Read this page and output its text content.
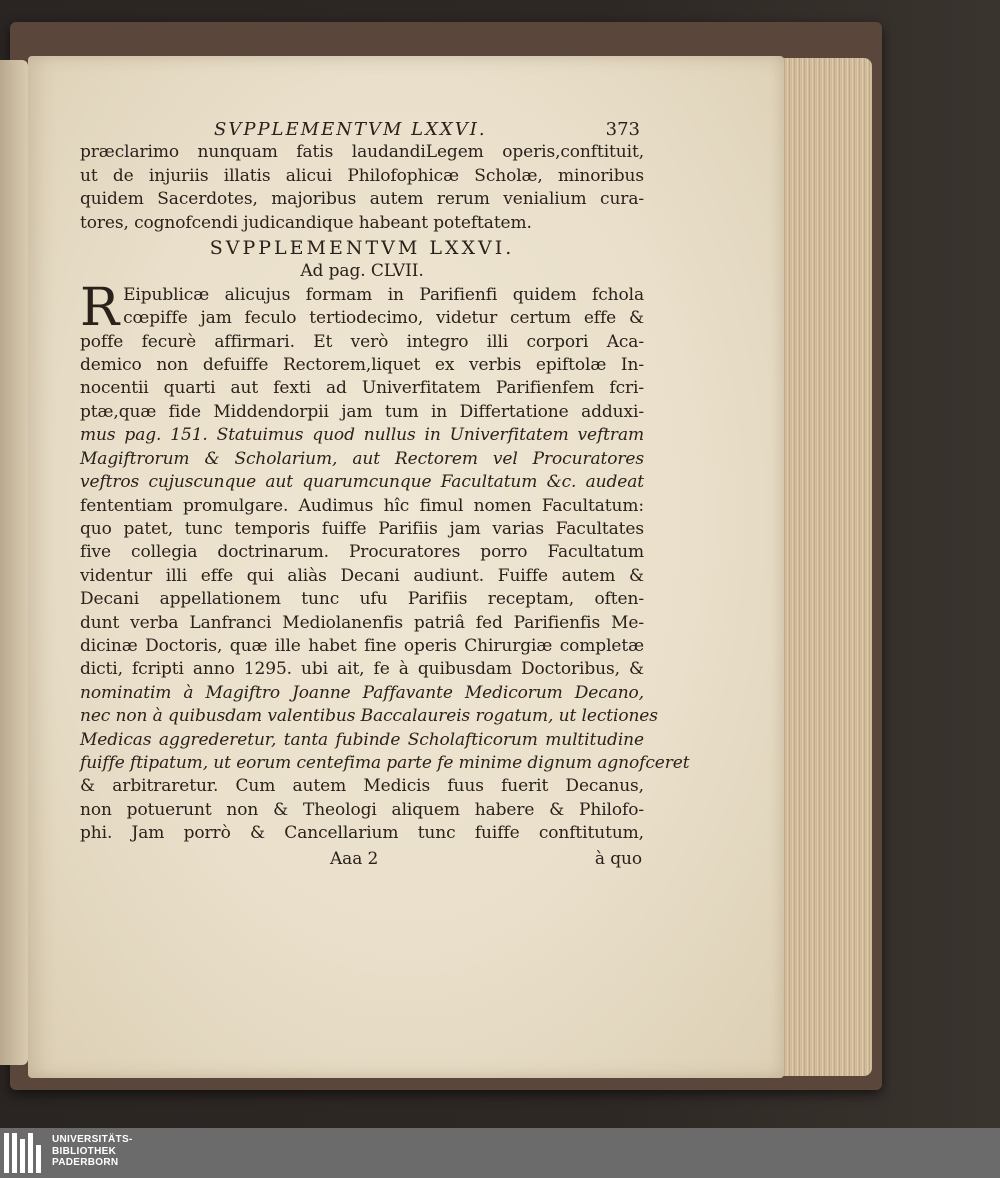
SVPPLEMENTVM LXXVI.	373
præclarimo nunquam fatis laudandiLegem operis,conftituit,
ut de injuriis illatis alicui Philofophicæ Scholæ, minoribus
quidem Sacerdotes, majoribus autem rerum venialium cura-
tores, cognofcendi judicandique habeant poteftatem.
SVPPLEMENTVM LXXVI.
Ad pag. CLVII.
R Eipublicæ alicujus formam in Parifienfi quidem fchola
cœpiffe jam feculo tertiodecimo, videtur certum effe &
poffe fecurè affirmari. Et verò integro illi corpori Aca-
demico non defuiffe Rectorem,liquet ex verbis epiftolæ In-
nocentii quarti aut fexti ad Univerfitatem Parifienfem fcri-
ptæ,quæ fide Middendorpii jam tum in Differtatione adduxi-
mus pag. 151. Statuimus quod nullus in Univerfitatem veftram
Magiftrorum & Scholarium, aut Rectorem vel Procuratores
veftros cujuscunque aut quarumcunque Facultatum &c. audeat
fententiam promulgare. Audimus hîc fimul nomen Facultatum:
quo patet, tunc temporis fuiffe Parifiis jam varias Facultates
five collegia doctrinarum. Procuratores porro Facultatum
videntur illi effe qui aliàs Decani audiunt. Fuiffe autem &
Decani appellationem tunc ufu Parifiis receptam, often-
dunt verba Lanfranci Mediolanenfis patriâ fed Parifienfis Me-
dicinæ Doctoris, quæ ille habet fine operis Chirurgiæ completæ
dicti, fcripti anno 1295. ubi ait, fe à quibusdam Doctoribus, &
nominatim à Magiftro Joanne Paffavante Medicorum Decano,
nec non à quibusdam valentibus Baccalaureis rogatum, ut lectiones
Medicas aggrederetur, tanta fubinde Scholafticorum multitudine
fuiffe ftipatum, ut eorum centefima parte fe minime dignum agnofceret
& arbitraretur. Cum autem Medicis fuus fuerit Decanus,
non potuerunt non & Theologi aliquem habere & Philofo-
phi. Jam porrò & Cancellarium tunc fuiffe conftitutum,
Aaa 2	à quo
UNIVERSITÄTS-
BIBLIOTHEK
PADERBORN
